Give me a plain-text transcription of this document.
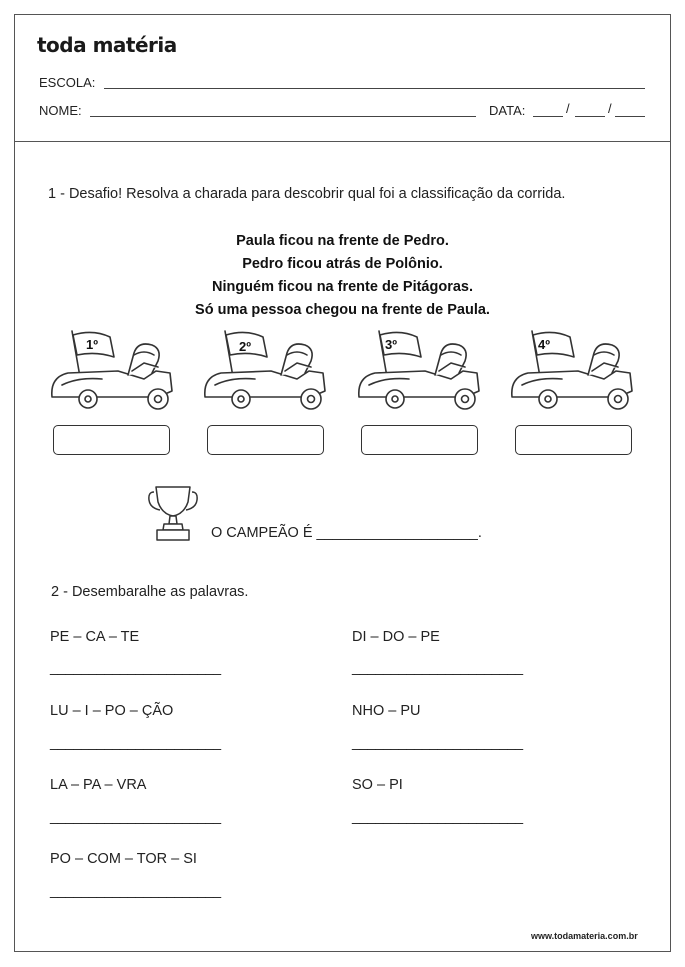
toda matéria
ESCOLA:
NOME:	DATA:	/	/
1 - Desafio! Resolva a charada para descobrir qual foi a classificação da corrida.
Paula ficou na frente de Pedro.
Pedro ficou atrás de Polônio.
Ninguém ficou na frente de Pitágoras.
Só uma pessoa chegou na frente de Paula.
1º	2º	3º	4º
O CAMPEÃO É ____________________.
2 - Desembaralhe as palavras.
PE – CA – TE
______________________
DI – DO – PE
______________________
LU – I – PO – ÇÃO
______________________
NHO – PU
______________________
LA – PA – VRA
______________________
SO – PI
______________________
PO – COM – TOR – SI
______________________
www.todamateria.com.br
